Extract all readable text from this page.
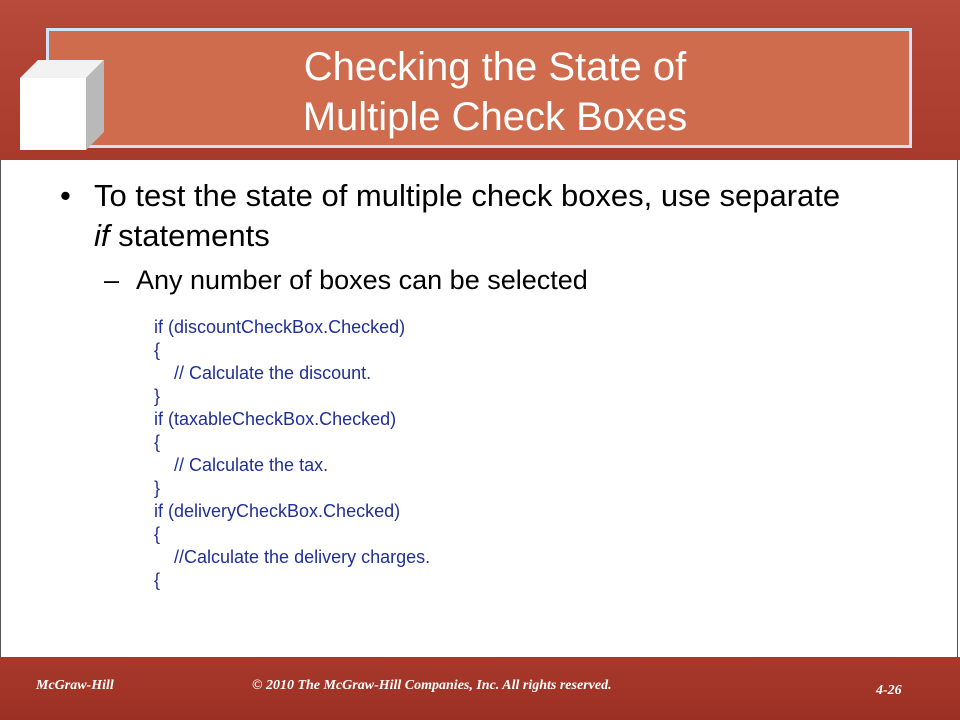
Checking the State of
Multiple Check Boxes
• To test the state of multiple check boxes, use separate if statements
– Any number of boxes can be selected
if (discountCheckBox.Checked)
{
// Calculate the discount.
}
if (taxableCheckBox.Checked)
{
// Calculate the tax.
}
if (deliveryCheckBox.Checked)
{
//Calculate the delivery charges.
{
McGraw-Hill	© 2010 The McGraw-Hill Companies, Inc. All rights reserved.	4-26
